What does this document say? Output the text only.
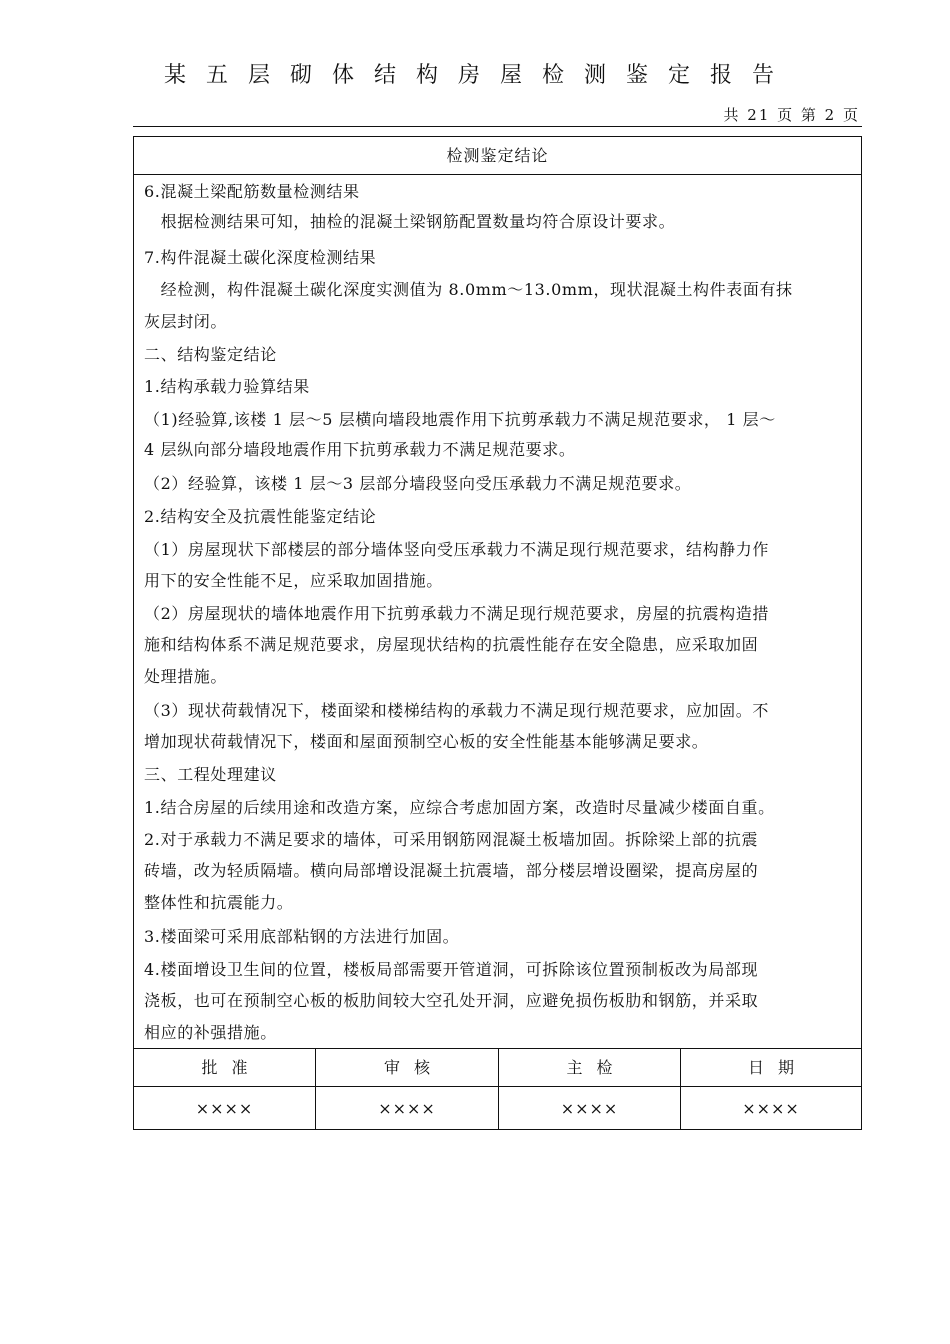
某五层砌体结构房屋检测鉴定报告
共 21 页 第 2 页
检测鉴定结论
6.混凝土梁配筋数量检测结果
　根据检测结果可知，抽检的混凝土梁钢筋配置数量均符合原设计要求。
7.构件混凝土碳化深度检测结果
　经检测，构件混凝土碳化深度实测值为 8.0mm～13.0mm，现状混凝土构件表面有抹
灰层封闭。
二、结构鉴定结论
1.结构承载力验算结果
（1)经验算,该楼 1 层～5 层横向墙段地震作用下抗剪承载力不满足规范要求， 1 层～
4 层纵向部分墙段地震作用下抗剪承载力不满足规范要求。
（2）经验算，该楼 1 层～3 层部分墙段竖向受压承载力不满足规范要求。
2.结构安全及抗震性能鉴定结论
（1）房屋现状下部楼层的部分墙体竖向受压承载力不满足现行规范要求，结构静力作
用下的安全性能不足，应采取加固措施。
（2）房屋现状的墙体地震作用下抗剪承载力不满足现行规范要求，房屋的抗震构造措
施和结构体系不满足规范要求，房屋现状结构的抗震性能存在安全隐患，应采取加固
处理措施。
（3）现状荷载情况下，楼面梁和楼梯结构的承载力不满足现行规范要求，应加固。不
增加现状荷载情况下，楼面和屋面预制空心板的安全性能基本能够满足要求。
三、工程处理建议
1.结合房屋的后续用途和改造方案，应综合考虑加固方案，改造时尽量减少楼面自重。
2.对于承载力不满足要求的墙体，可采用钢筋网混凝土板墙加固。拆除梁上部的抗震
砖墙，改为轻质隔墙。横向局部增设混凝土抗震墙，部分楼层增设圈梁，提高房屋的
整体性和抗震能力。
3.楼面梁可采用底部粘钢的方法进行加固。
4.楼面增设卫生间的位置，楼板局部需要开管道洞，可拆除该位置预制板改为局部现
浇板，也可在预制空心板的板肋间较大空孔处开洞，应避免损伤板肋和钢筋，并采取
相应的补强措施。
批准
××××
审核
××××
主检
××××
日期
××××
